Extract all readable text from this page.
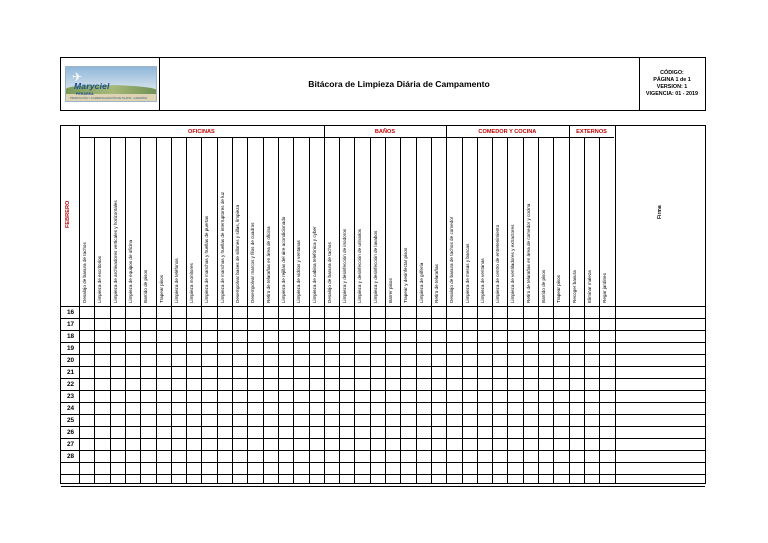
✈
Maryciel
PERAREA
PRODUCCIÓN Y COMERCIALIZACIÓN DE TILAPIA · CAMARÓN
Bitácora de Limpieza Diária de Campamento
CÓDIGO:
PÁGINA 1 de 1
VERSION: 1
VIGENCIA: 01 - 2019
FEBRERO
OFICINAS
Desalojo de basura de tachos Limpieza de escritorios Limpieza de archivadores verticales y horizontales Limpieza de equipos de oficina Barrido de pisos Trapear pisos Limpieza de teléfonos Limpieza monitores Limpieza de manchas y huellas de puertas Limpieza de manchas y huellas de interruptores de luz Desempolvar bases de sillones y sillas, limpieza Desempolvar marcos y filos de cuadros Retiro de telarañas en área de oficina Limpieza de rejillas del aire acondicionado Limpieza de vidrios y ventanas Limpieza de cabina telefónica y cyber
BAÑOS
Desalojo de basura de tachos Limpieza y desinfección de inodoros Limpieza y desinfección de urinarios Limpieza y desinfección de lavabos Barrer pisos Trapear y desinfectar pisos Limpieza de grifería Retiro de telarañas
COMEDOR Y COCINA
Desalojo de basura de tachos de comedor Limpieza de mesas y bancas Limpieza de ventanas Limpieza de centro de entretenimiento Limpieza de ventiladores y extractores Retiro de telarañas en área de comedor y cocina Barrido de pisos Trapear pisos
EXTERNOS
Recoger basura Eliminar maleza Regar jardines
Firma
16
17
18
19
20
21
22
23
24
25
26
27
28
